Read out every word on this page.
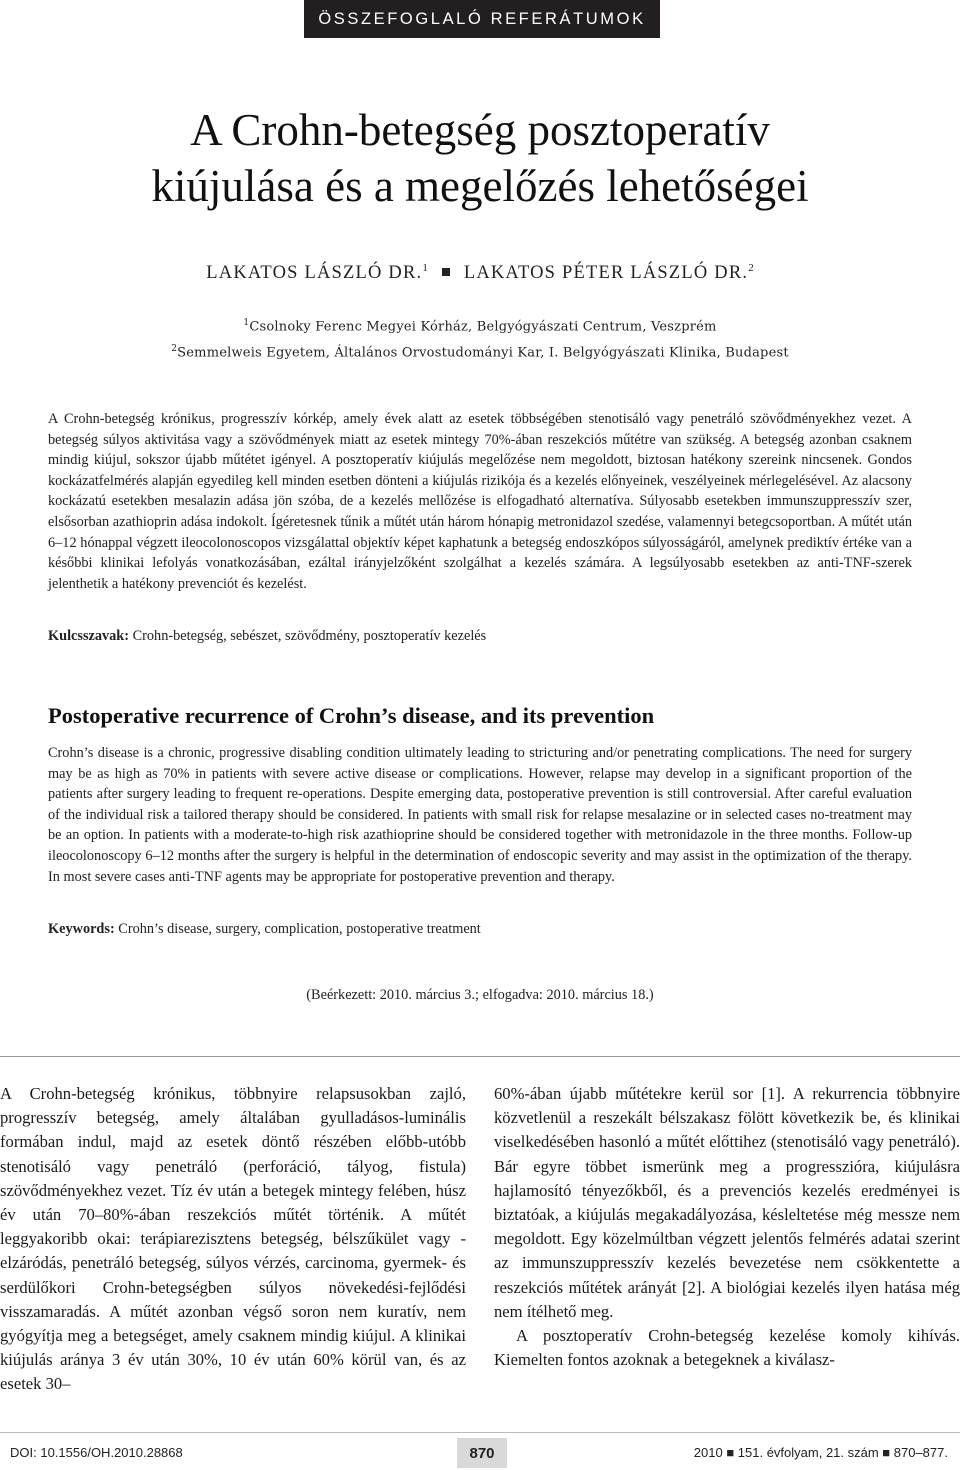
ÖSSZEFOGLALÓ REFERÁTUMOK
A Crohn-betegség posztoperatív
kiújulása és a megelőzés lehetőségei
LAKATOS LÁSZLÓ DR.$^1$ LAKATOS PÉTER LÁSZLÓ DR.$^2$
$^1$Csolnoky Ferenc Megyei Kórház, Belgyógyászati Centrum, Veszprém
$^2$Semmelweis Egyetem, Általános Orvostudományi Kar, I. Belgyógyászati Klinika, Budapest

A Crohn-betegség krónikus, progresszív kórkép, amely évek alatt az esetek többségében stenotisáló vagy penetráló szövődményekhez vezet. A betegség súlyos aktivitása vagy a szövődmények miatt az esetek mintegy 70%-ában reszekciós műtétre van szükség. A betegség azonban csaknem mindig kiújul, sokszor újabb műtétet igényel. A posztoperatív kiújulás megelőzése nem megoldott, biztosan hatékony szereink nincsenek. Gondos kockázatfelmérés alapján egyedileg kell minden esetben dönteni a kiújulás rizikója és a kezelés előnyeinek, veszélyeinek mérlegelésével. Az alacsony kockázatú esetekben mesalazin adása jön szóba, de a kezelés mellőzése is elfogadható alternatíva. Súlyosabb esetekben immunszuppresszív szer, elsősorban azathioprin adása indokolt. Ígéretesnek tűnik a műtét után három hónapig metronidazol szedése, valamennyi betegcsoportban. A műtét után 6–12 hónappal végzett ileocolonoscopos vizsgálattal objektív képet kaphatunk a betegség endoszkópos súlyosságáról, amelynek prediktív értéke van a későbbi klinikai lefolyás vonatkozásában, ezáltal irányjelzőként szolgálhat a kezelés számára. A legsúlyosabb esetekben az anti-TNF-szerek jelenthetik a hatékony prevenciót és kezelést.

Kulcsszavak: Crohn-betegség, sebészet, szövődmény, posztoperatív kezelés

Postoperative recurrence of Crohn’s disease, and its prevention

Crohn’s disease is a chronic, progressive disabling condition ultimately leading to stricturing and/or penetrating complications. The need for surgery may be as high as 70% in patients with severe active disease or complications. However, relapse may develop in a significant proportion of the patients after surgery leading to frequent re-operations. Despite emerging data, postoperative prevention is still controversial. After careful evaluation of the individual risk a tailored therapy should be considered. In patients with small risk for relapse mesalazine or in selected cases no-treatment may be an option. In patients with a moderate-to-high risk azathioprine should be considered together with metronidazole in the three months. Follow-up ileocolonoscopy 6–12 months after the surgery is helpful in the determination of endoscopic severity and may assist in the optimization of the therapy. In most severe cases anti-TNF agents may be appropriate for postoperative prevention and therapy.

Keywords: Crohn’s disease, surgery, complication, postoperative treatment

(Beérkezett: 2010. március 3.; elfogadva: 2010. március 18.)

A Crohn-betegség krónikus, többnyire relapsusokban zajló, progresszív betegség, amely általában gyulladásos-luminális formában indul, majd az esetek döntő részében előbb-utóbb stenotisáló vagy penetráló (perforáció, tályog, fistula) szövődményekhez vezet. Tíz év után a betegek mintegy felében, húsz év után 70–80%-ában reszekciós műtét történik. A műtét leggyakoribb okai: terápiarezisztens betegség, bélszűkület vagy -elzáródás, penetráló betegség, súlyos vérzés, carcinoma, gyermek- és serdülőkori Crohn-betegségben súlyos növekedési-fejlődési visszamaradás. A műtét azonban végső soron nem kuratív, nem gyógyítja meg a betegséget, amely csaknem mindig kiújul. A klinikai kiújulás aránya 3 év után 30%, 10 év után 60% körül van, és az esetek 30–

60%-ában újabb műtétekre kerül sor [1]. A rekurrencia többnyire közvetlenül a reszekált bélszakasz fölött következik be, és klinikai viselkedésében hasonló a műtét előttihez (stenotisáló vagy penetráló). Bár egyre többet ismerünk meg a progresszióra, kiújulásra hajlamosító tényezőkből, és a prevenciós kezelés eredményei is biztatóak, a kiújulás megakadályozása, késleltetése még messze nem megoldott. Egy közelmúltban végzett jelentős felmérés adatai szerint az immunszuppresszív kezelés bevezetése nem csökkentette a reszekciós műtétek arányát [2]. A biológiai kezelés ilyen hatása még nem ítélhető meg.

A posztoperatív Crohn-betegség kezelése komoly kihívás. Kiemelten fontos azoknak a betegeknek a kiválasz-

DOI: 10.1556/OH.2010.28868	870	2010 ■ 151. évfolyam, 21. szám ■ 870–877.
